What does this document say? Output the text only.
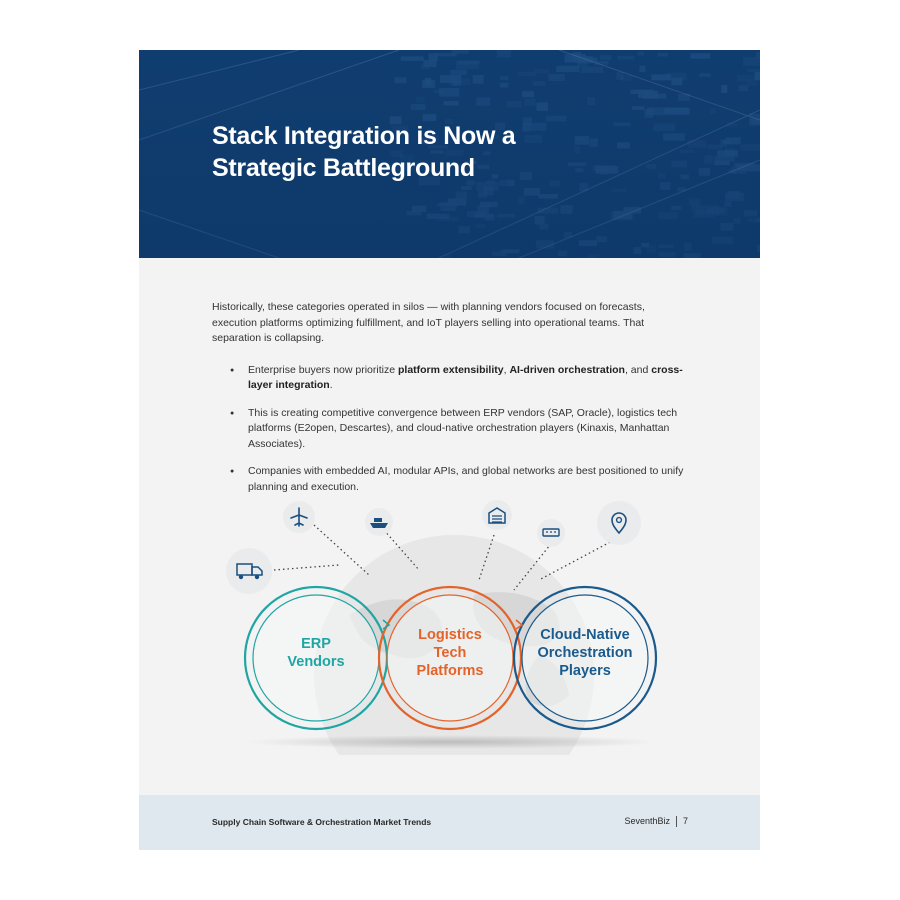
Stack Integration is Now a
Strategic Battleground

Historically, these categories operated in silos — with planning vendors focused on forecasts, execution platforms optimizing fulfillment, and IoT players selling into operational teams. That separation is collapsing.

● Enterprise buyers now prioritize platform extensibility, AI-driven orchestration, and cross-layer integration.
● This is creating competitive convergence between ERP vendors (SAP, Oracle), logistics tech platforms (E2open, Descartes), and cloud-native orchestration players (Kinaxis, Manhattan Associates).
● Companies with embedded AI, modular APIs, and global networks are best positioned to unify planning and execution.
ERP
Vendors
Logistics
Tech
Platforms
Cloud-Native
Orchestration
Players
Supply Chain Software & Orchestration Market Trends	SeventhBiz 7
